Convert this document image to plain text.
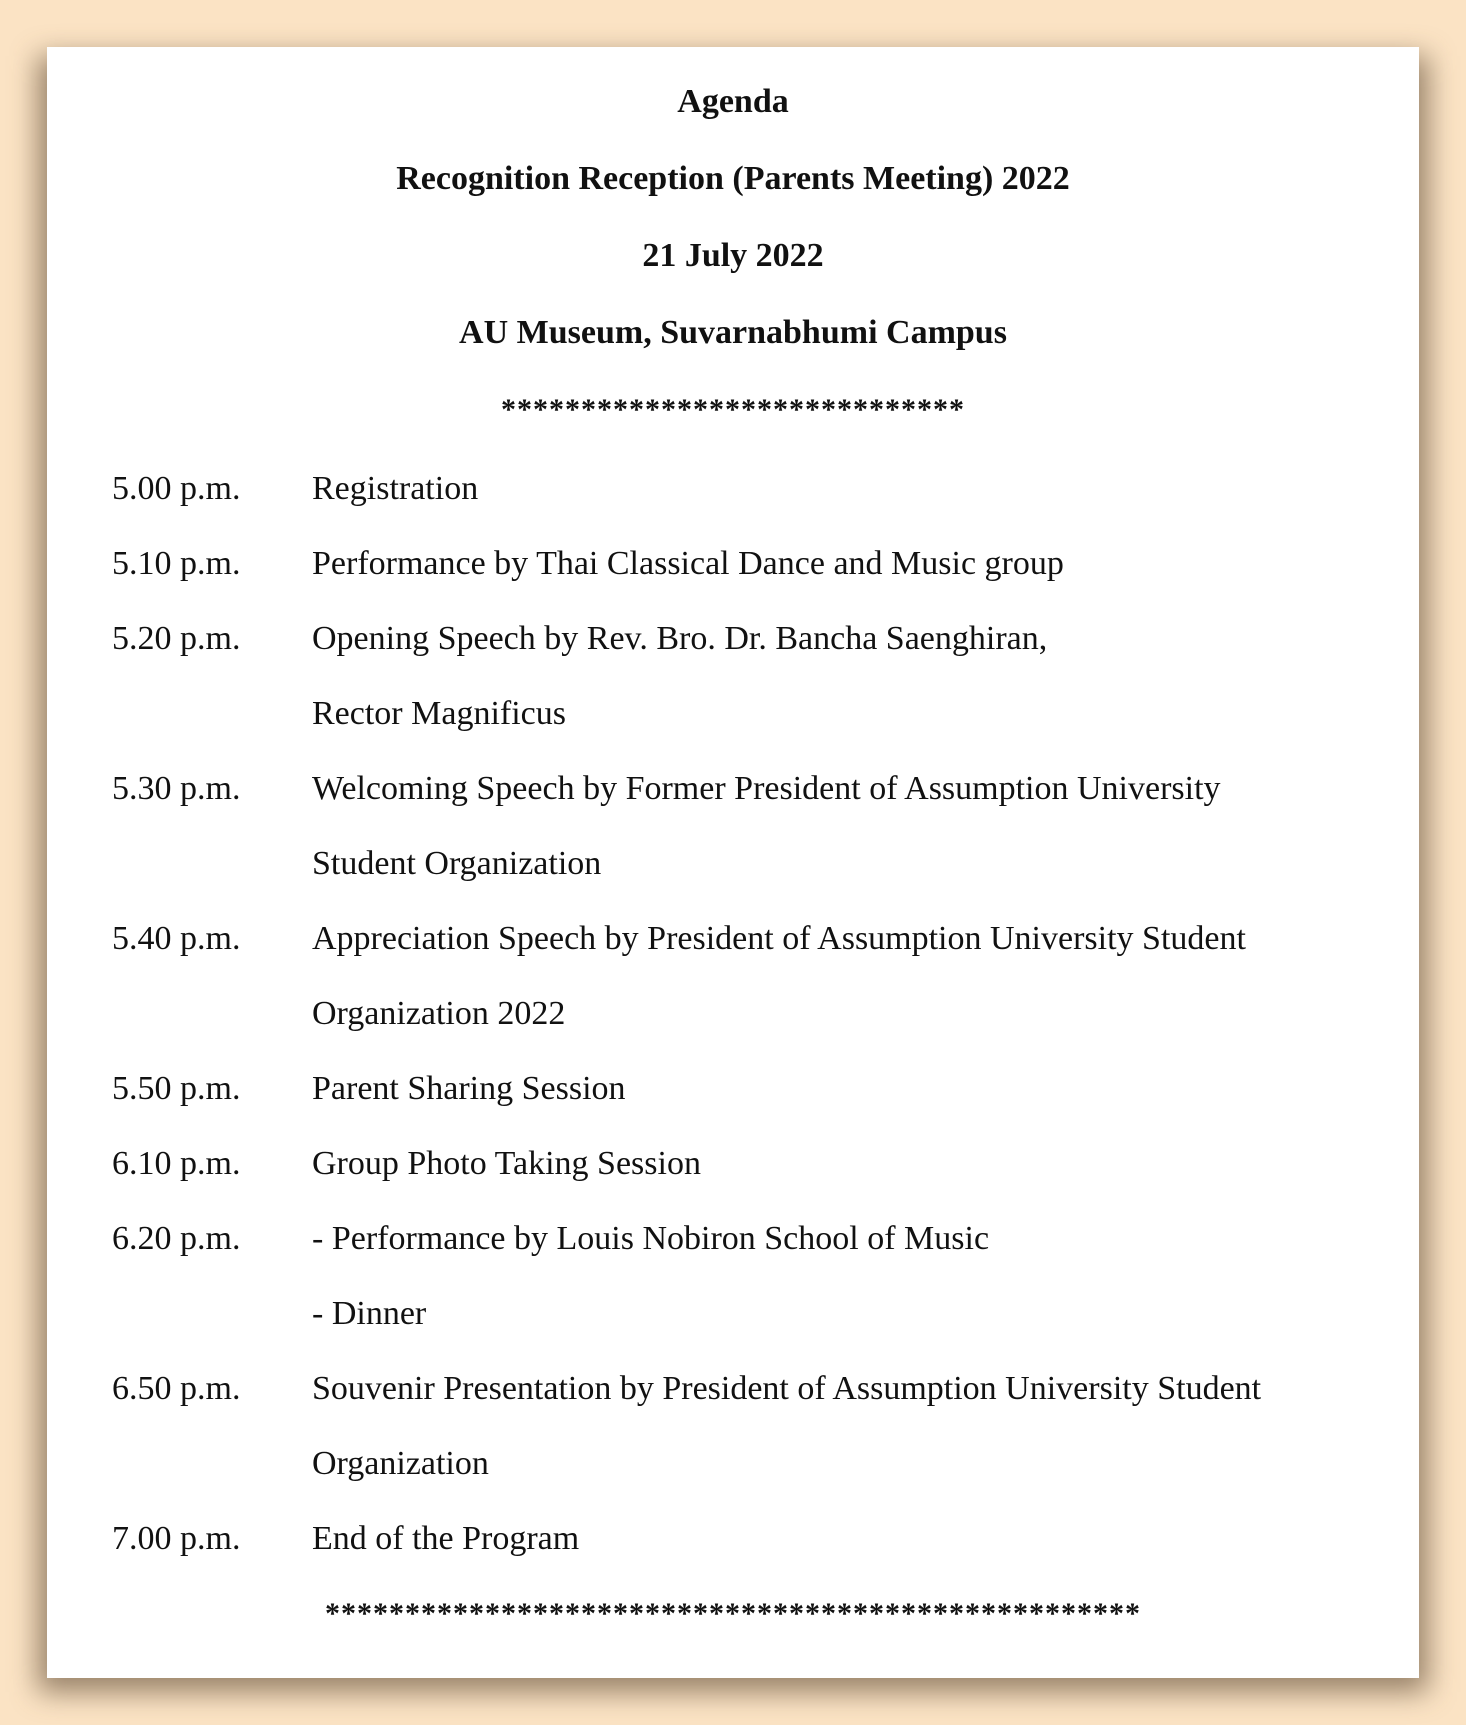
Agenda
Recognition Reception (Parents Meeting) 2022
21 July 2022
AU Museum, Suvarnabhumi Campus
*****************************
5.00 p.m. Registration
5.10 p.m. Performance by Thai Classical Dance and Music group
5.20 p.m. Opening Speech by Rev. Bro. Dr. Bancha Saenghiran,
Rector Magnificus
5.30 p.m. Welcoming Speech by Former President of Assumption University
Student Organization
5.40 p.m. Appreciation Speech by President of Assumption University Student
Organization 2022
5.50 p.m. Parent Sharing Session
6.10 p.m. Group Photo Taking Session
6.20 p.m. - Performance by Louis Nobiron School of Music
- Dinner
6.50 p.m. Souvenir Presentation by President of Assumption University Student
Organization
7.00 p.m. End of the Program
***************************************************
